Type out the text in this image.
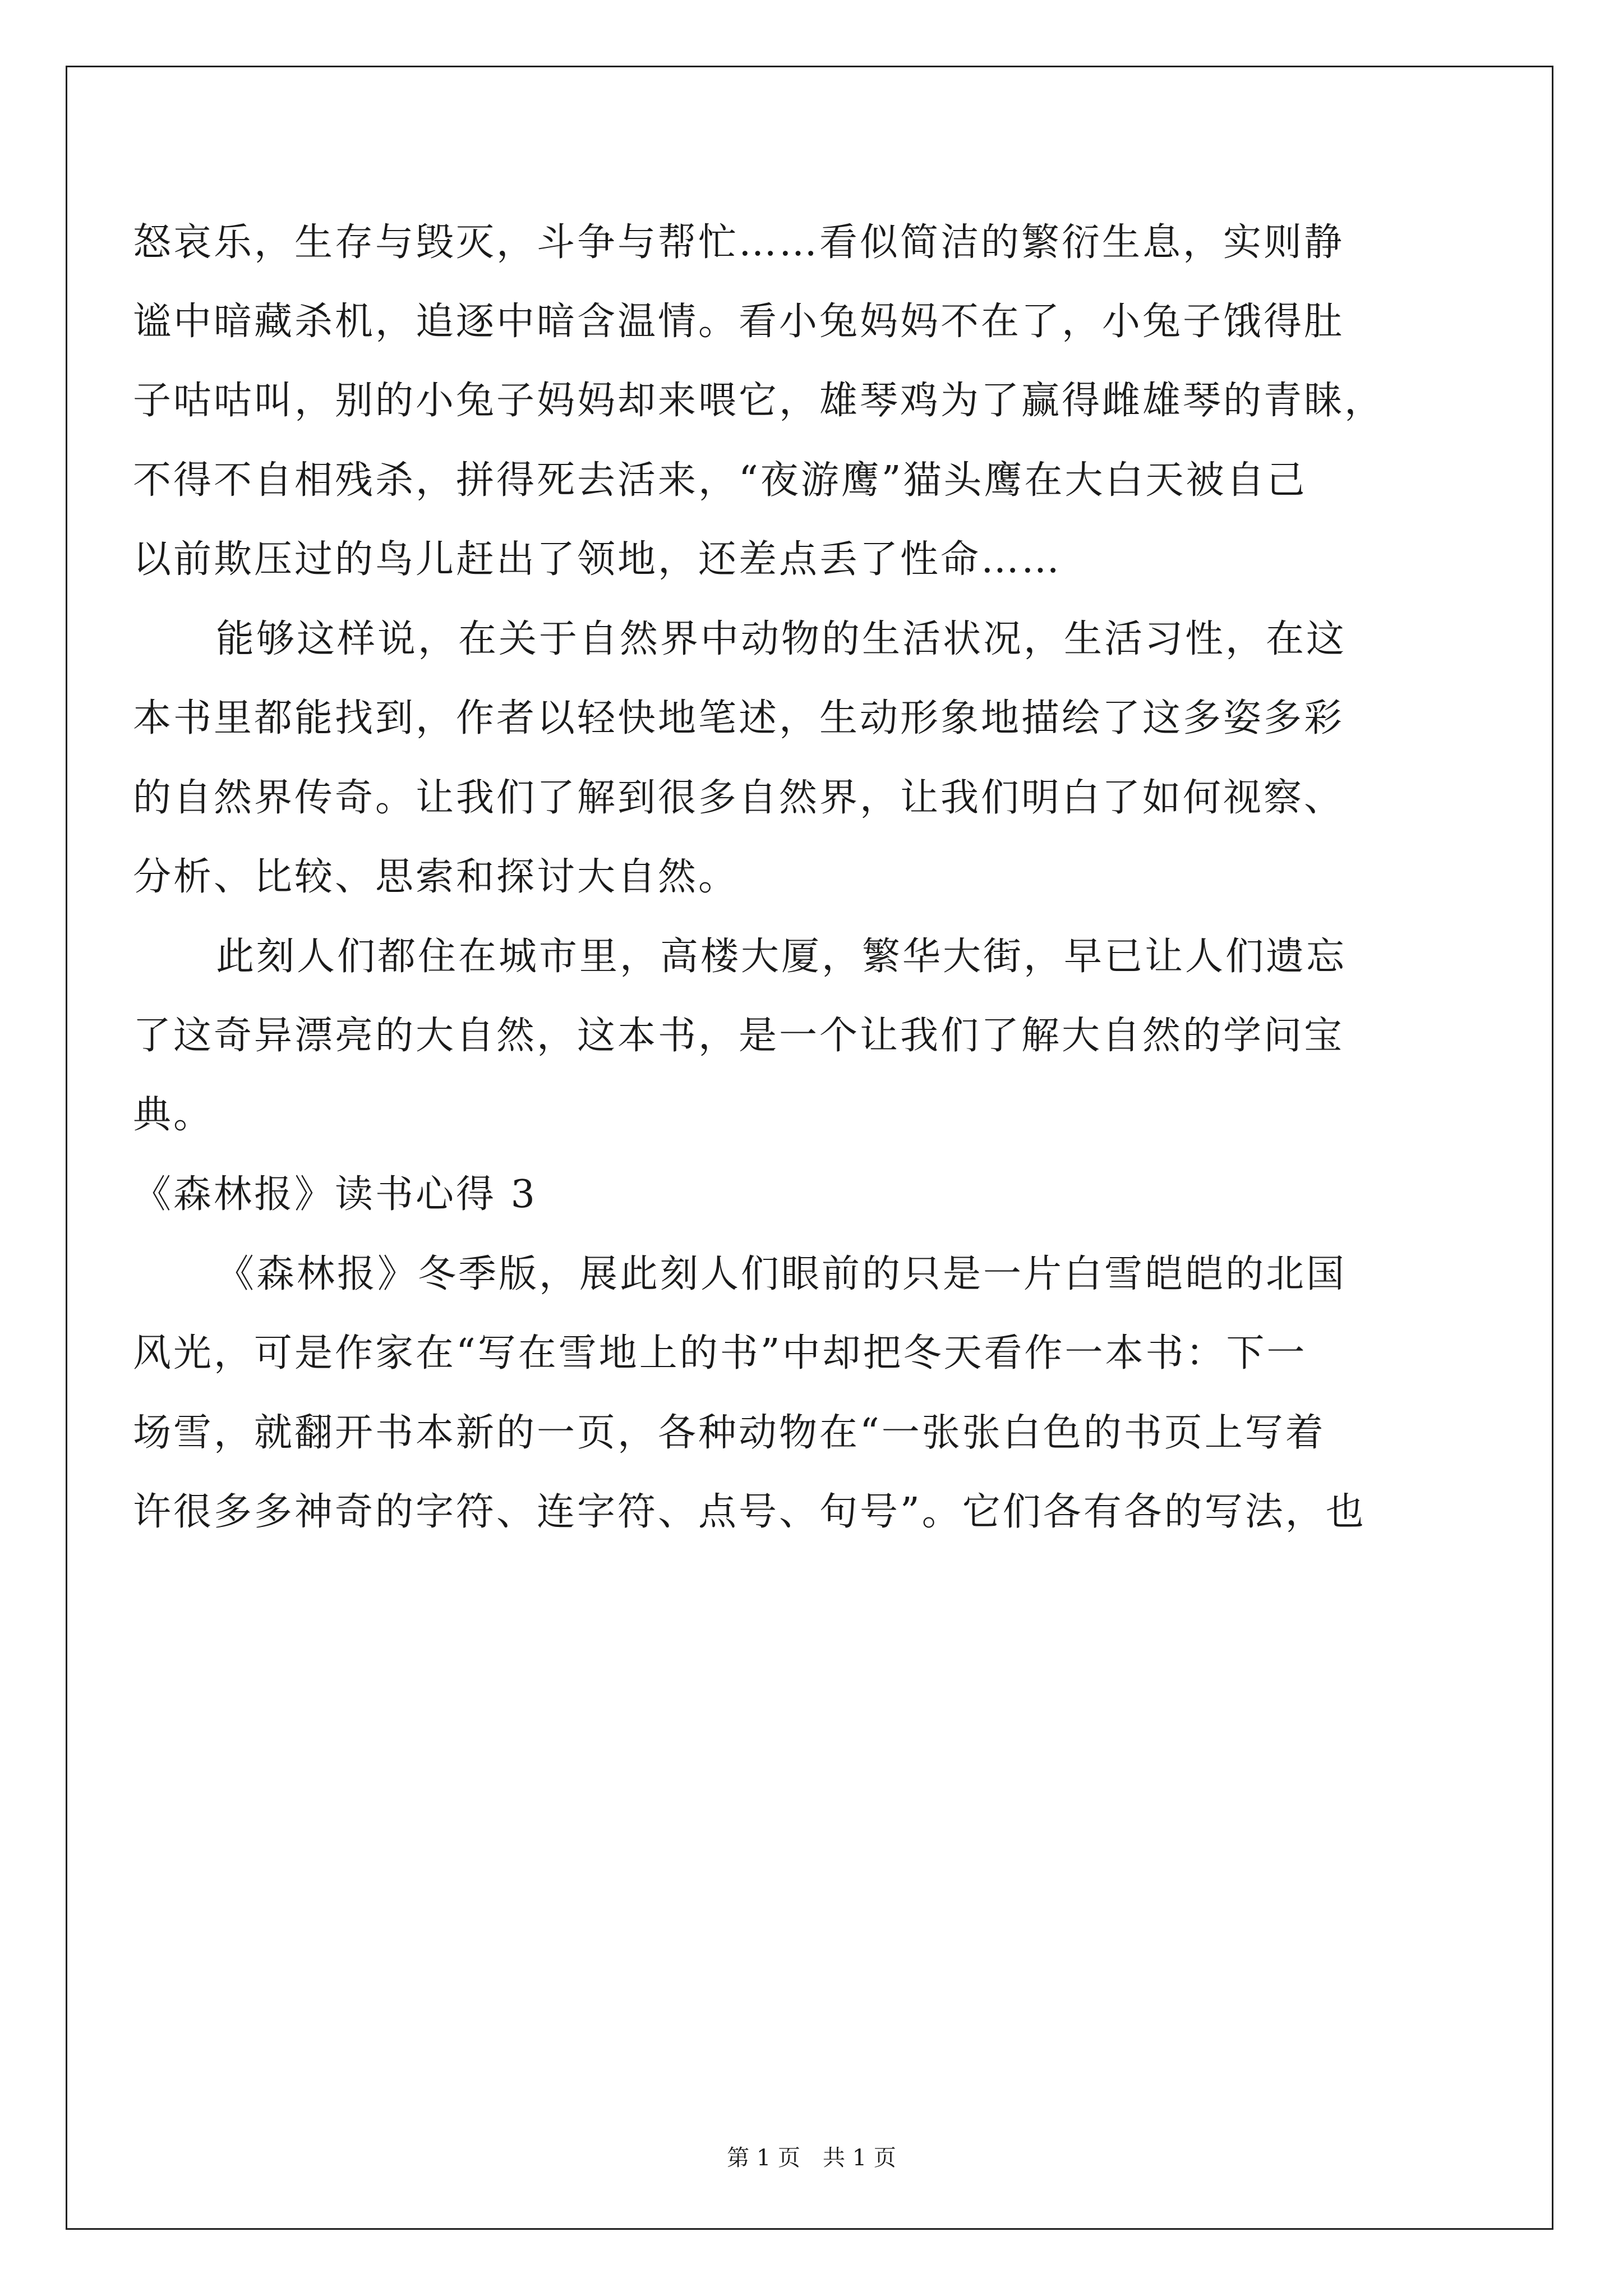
怒哀乐，生存与毁灭，斗争与帮忙……看似简洁的繁衍生息，实则静
谧中暗藏杀机，追逐中暗含温情。看小兔妈妈不在了，小兔子饿得肚
子咕咕叫，别的小兔子妈妈却来喂它，雄琴鸡为了赢得雌雄琴的青睐，
不得不自相残杀，拼得死去活来，“夜游鹰”猫头鹰在大白天被自己
以前欺压过的鸟儿赶出了领地，还差点丢了性命……
能够这样说，在关于自然界中动物的生活状况，生活习性，在这
本书里都能找到，作者以轻快地笔述，生动形象地描绘了这多姿多彩
的自然界传奇。让我们了解到很多自然界，让我们明白了如何视察、
分析、比较、思索和探讨大自然。
此刻人们都住在城市里，高楼大厦，繁华大街，早已让人们遗忘
了这奇异漂亮的大自然，这本书，是一个让我们了解大自然的学问宝
典。
《森林报》读书心得 3
《森林报》冬季版，展此刻人们眼前的只是一片白雪皑皑的北国
风光，可是作家在“写在雪地上的书”中却把冬天看作一本书：下一
场雪，就翻开书本新的一页，各种动物在“一张张白色的书页上写着
许很多多神奇的字符、连字符、点号、句号”。它们各有各的写法，也
第 1 页　共 1 页
